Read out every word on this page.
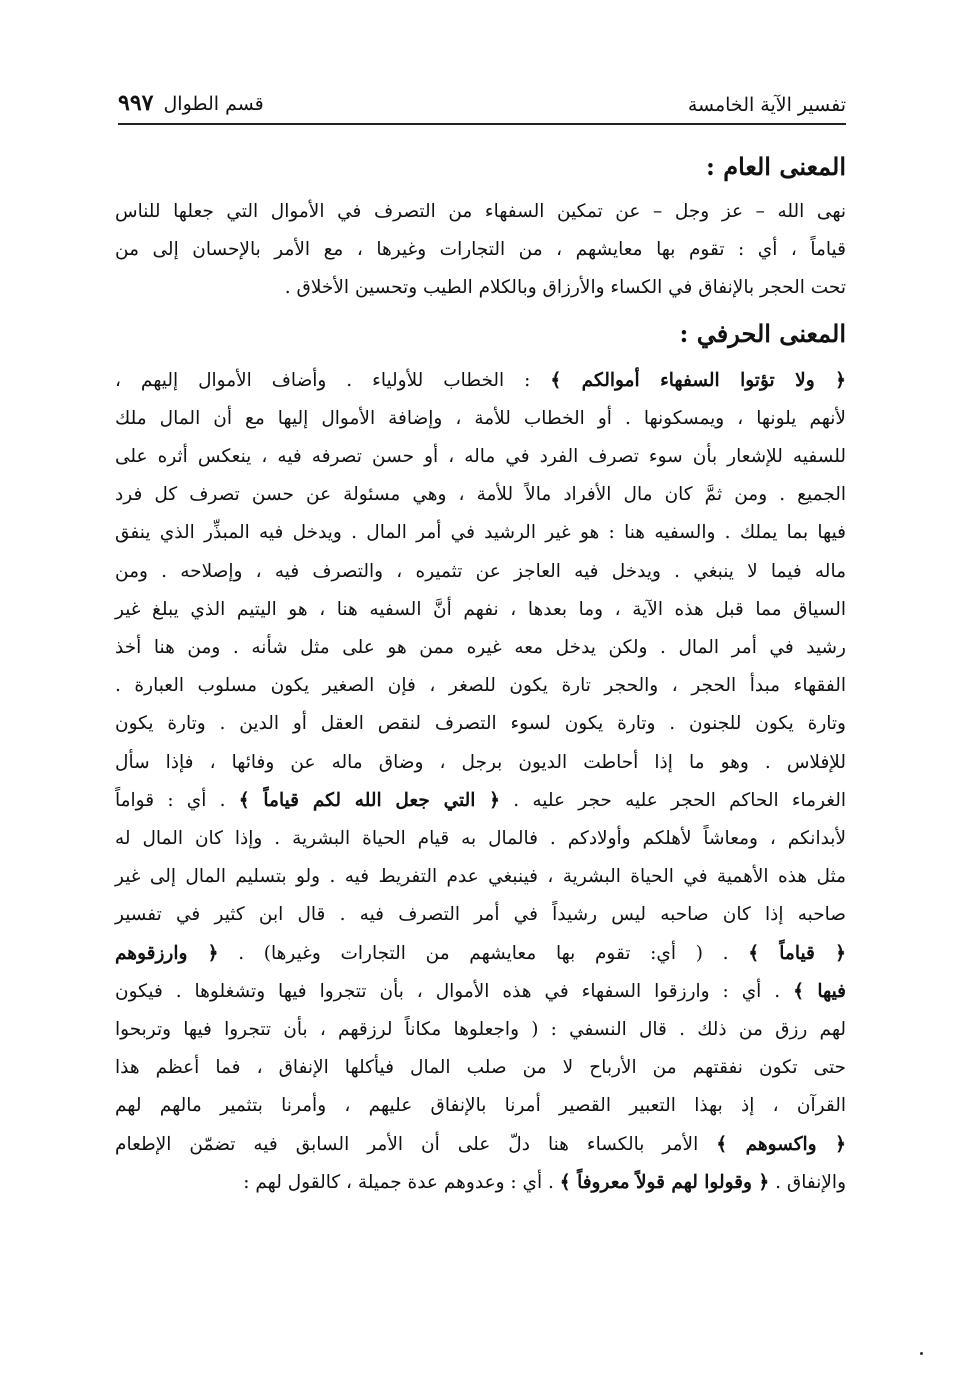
تفسير الآية الخامسة
قسم الطوال ٩٩٧

المعنى العام :

نهى الله – عز وجل – عن تمكين السفهاء من التصرف في الأموال التي جعلها للناس
قياماً ، أي : تقوم بها معايشهم ، من التجارات وغيرها ، مع الأمر بالإحسان إلى من
تحت الحجر بالإنفاق في الكساء والأرزاق وبالكلام الطيب وتحسين الأخلاق .

المعنى الحرفي :

﴿ ولا تؤتوا السفهاء أموالكم ﴾ : الخطاب للأولياء . وأضاف الأموال إليهم ،
لأنهم يلونها ، ويمسكونها . أو الخطاب للأمة ، وإضافة الأموال إليها مع أن المال ملك
للسفيه للإشعار بأن سوء تصرف الفرد في ماله ، أو حسن تصرفه فيه ، ينعكس أثره على
الجميع . ومن ثمَّ كان مال الأفراد مالاً للأمة ، وهي مسئولة عن حسن تصرف كل فرد
فيها بما يملك . والسفيه هنا : هو غير الرشيد في أمر المال . ويدخل فيه المبذِّر الذي ينفق
ماله فيما لا ينبغي . ويدخل فيه العاجز عن تثميره ، والتصرف فيه ، وإصلاحه . ومن
السياق مما قبل هذه الآية ، وما بعدها ، نفهم أنَّ السفيه هنا ، هو اليتيم الذي يبلغ غير
رشيد في أمر المال . ولكن يدخل معه غيره ممن هو على مثل شأنه . ومن هنا أخذ
الفقهاء مبدأ الحجر ، والحجر تارة يكون للصغر ، فإن الصغير يكون مسلوب العبارة .
وتارة يكون للجنون . وتارة يكون لسوء التصرف لنقص العقل أو الدين . وتارة يكون
للإفلاس . وهو ما إذا أحاطت الديون برجل ، وضاق ماله عن وفائها ، فإذا سأل
الغرماء الحاكم الحجر عليه حجر عليه . ﴿ التي جعل الله لكم قياماً ﴾ . أي : قواماً
لأبدانكم ، ومعاشاً لأهلكم وأولادكم . فالمال به قيام الحياة البشرية . وإذا كان المال له
مثل هذه الأهمية في الحياة البشرية ، فينبغي عدم التفريط فيه . ولو بتسليم المال إلى غير
صاحبه إذا كان صاحبه ليس رشيداً في أمر التصرف فيه . قال ابن كثير في تفسير
﴿ قياماً ﴾ . ( أي: تقوم بها معايشهم من التجارات وغيرها) . ﴿ وارزقوهم
فيها ﴾ . أي : وارزقوا السفهاء في هذه الأموال ، بأن تتجروا فيها وتشغلوها . فيكون
لهم رزق من ذلك . قال النسفي : ( واجعلوها مكاناً لرزقهم ، بأن تتجروا فيها وتربحوا
حتى تكون نفقتهم من الأرباح لا من صلب المال فيأكلها الإنفاق ، فما أعظم هذا
القرآن ، إذ بهذا التعبير القصير أمرنا بالإنفاق عليهم ، وأمرنا بتثمير مالهم لهم
﴿ واكسوهم ﴾ الأمر بالكساء هنا دلّ على أن الأمر السابق فيه تضمّن الإطعام
والإنفاق . ﴿ وقولوا لهم قولاً معروفاً ﴾ . أي : وعدوهم عدة جميلة ، كالقول لهم :
